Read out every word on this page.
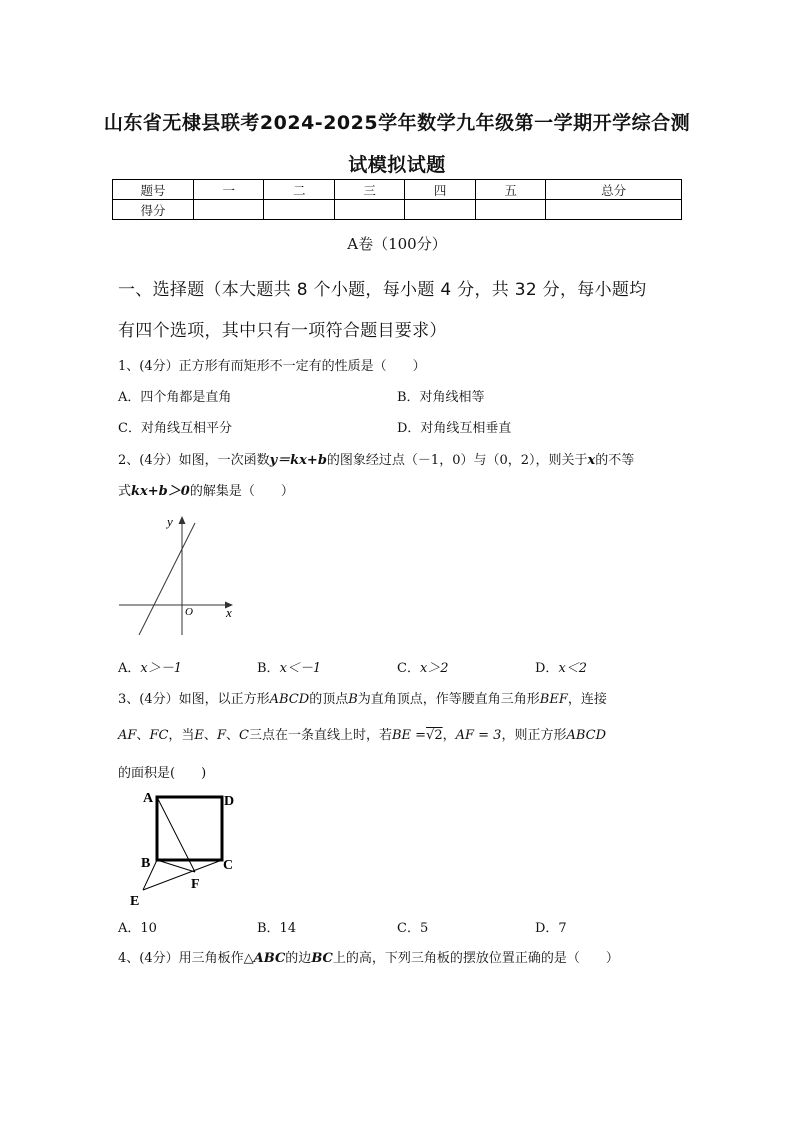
山东省无棣县联考2024-2025学年数学九年级第一学期开学综合测
试模拟试题
题号	一	二	三	四	五	总分
得分						
A卷（100分）
一、选择题（本大题共 8 个小题，每小题 4 分，共 32 分，每小题均
有四个选项，其中只有一项符合题目要求）
1、(4分）正方形有而矩形不一定有的性质是（　　）
A．四个角都是直角	B．对角线相等
C．对角线互相平分	D．对角线互相垂直
2、(4分）如图，一次函数y＝kx+b的图象经过点（－1，0）与（0，2），则关于x的不等
式kx+b＞0的解集是（　　）
y
x
O
A．x＞－1	B．x＜－1	C．x＞2	D．x＜2
3、(4分）如图，以正方形ABCD的顶点B为直角顶点，作等腰直角三角形BEF，连接
AF、FC，当E、F、C三点在一条直线上时，若BE =√2，AF = 3，则正方形ABCD
的面积是(　　)
A	D
B	C
E
F
A．10	B．14	C．5	D．7
4、(4分）用三角板作△ABC的边BC上的高，下列三角板的摆放位置正确的是（　　）
